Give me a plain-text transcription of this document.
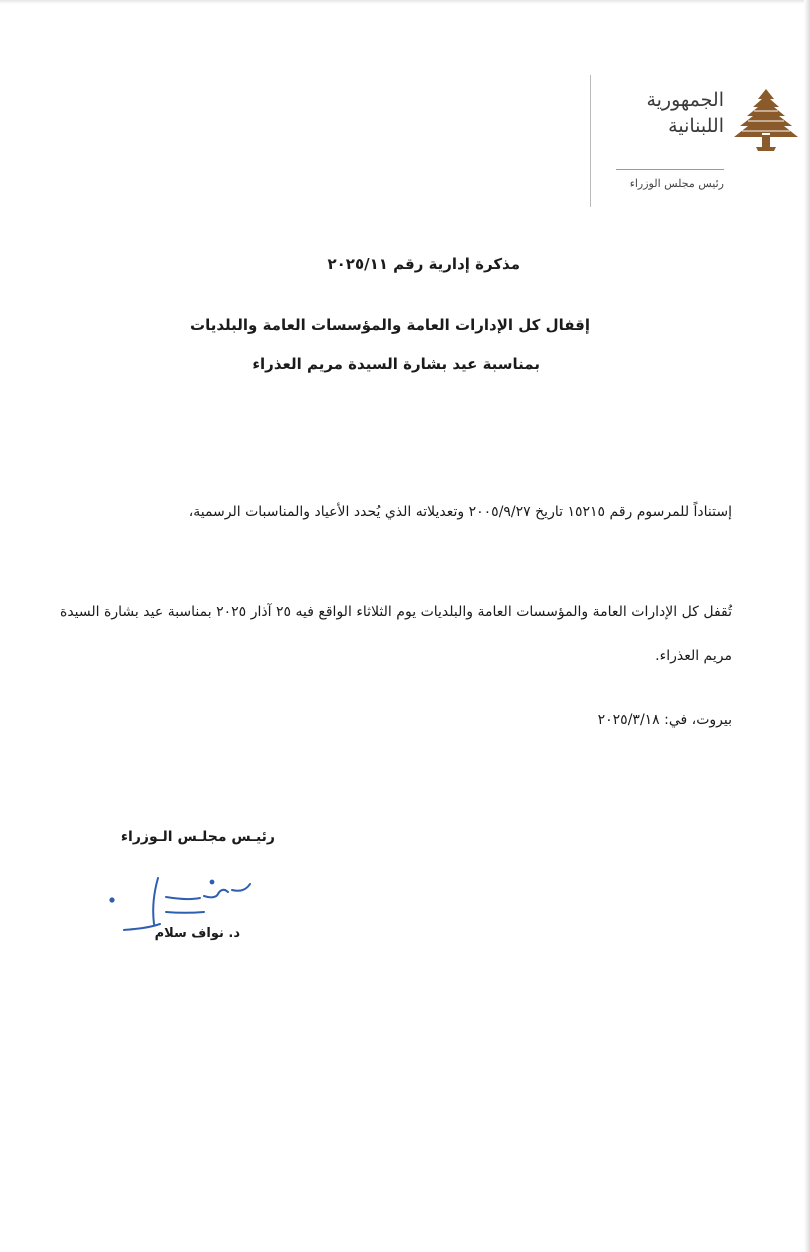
الجمهورية
اللبنانية
رئيس مجلس الوزراء
مذكرة إدارية رقم ٢٠٢٥/١١
إقفال كل الإدارات العامة والمؤسسات العامة والبلديات
بمناسبة عيد بشارة السيدة مريم العذراء

إستناداً للمرسوم رقم ١٥٢١٥ تاريخ ٢٠٠٥/٩/٢٧ وتعديلاته الذي يُحدد الأعياد والمناسبات الرسمية،

تُقفل كل الإدارات العامة والمؤسسات العامة والبلديات يوم الثلاثاء الواقع فيه ٢٥ آذار ٢٠٢٥ بمناسبة عيد بشارة السيدة مريم العذراء.

بيروت، في: ٢٠٢٥/٣/١٨
رئيـس مجلـس الـوزراء
د. نواف سلام
